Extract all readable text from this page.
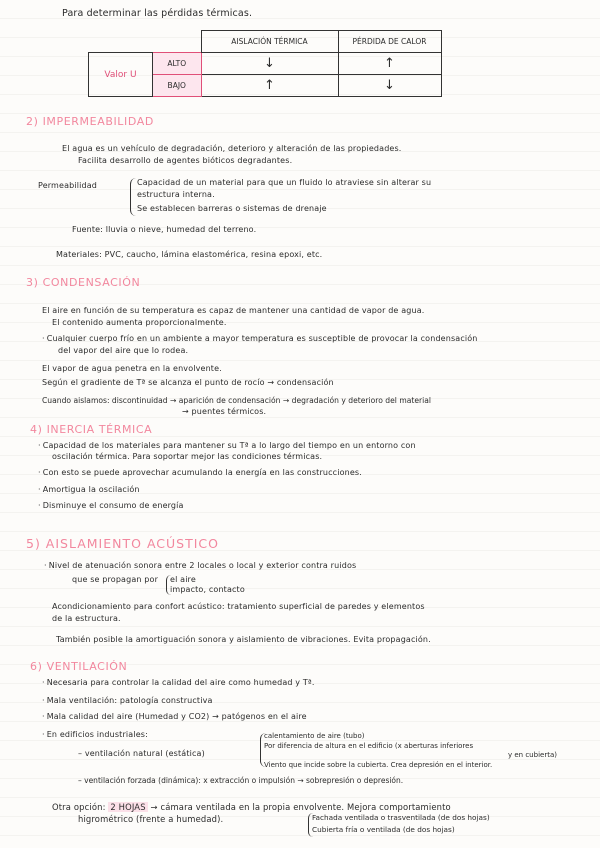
Para determinar las pérdidas térmicas.
		AISLACIÓN TÉRMICA	PÉRDIDA DE CALOR
Valor U	ALTO	↓	↑
	BAJO	↑	↓
2) IMPERMEABILIDAD
El agua es un vehículo de degradación, deterioro y alteración de las propiedades.
Facilita desarrollo de agentes bióticos degradantes.
Permeabilidad	Capacidad de un material para que un fluido lo atraviese sin alterar su
estructura interna.
Se establecen barreras o sistemas de drenaje
Fuente: lluvia o nieve, humedad del terreno.
Materiales: PVC, caucho, lámina elastomérica, resina epoxi, etc.
3) CONDENSACIÓN
El aire en función de su temperatura es capaz de mantener una cantidad de vapor de agua.
El contenido aumenta proporcionalmente.
· Cualquier cuerpo frío en un ambiente a mayor temperatura es susceptible de provocar la condensación
del vapor del aire que lo rodea.
El vapor de agua penetra en la envolvente.
Según el gradiente de Tª se alcanza el punto de rocío → condensación
Cuando aislamos: discontinuidad → aparición de condensación → degradación y deterioro del material
→ puentes térmicos.
4) INERCIA TÉRMICA
· Capacidad de los materiales para mantener su Tª a lo largo del tiempo en un entorno con
oscilación térmica. Para soportar mejor las condiciones térmicas.
· Con esto se puede aprovechar acumulando la energía en las construcciones.
· Amortigua la oscilación
· Disminuye el consumo de energía
5) AISLAMIENTO ACÚSTICO
· Nivel de atenuación sonora entre 2 locales o local y exterior contra ruidos
que se propagan por el aire
impacto, contacto
Acondicionamiento para confort acústico: tratamiento superficial de paredes y elementos
de la estructura.
También posible la amortiguación sonora y aislamiento de vibraciones. Evita propagación.
6) VENTILACIÓN
· Necesaria para controlar la calidad del aire como humedad y Tª.
· Mala ventilación: patología constructiva
· Mala calidad del aire (Humedad y CO2) → patógenos en el aire
· En edificios industriales:
– ventilación natural (estática)
calentamiento de aire (tubo)
Por diferencia de altura en el edificio (x aberturas inferiores
y en cubierta)
Viento que incide sobre la cubierta. Crea depresión en el interior.
– ventilación forzada (dinámica): x extracción o impulsión → sobrepresión o depresión.
Otra opción: 2 HOJAS → cámara ventilada en la propia envolvente. Mejora comportamiento
higrométrico (frente a humedad).	Fachada ventilada o trasventilada (de dos hojas)
Cubierta fría o ventilada (de dos hojas)
